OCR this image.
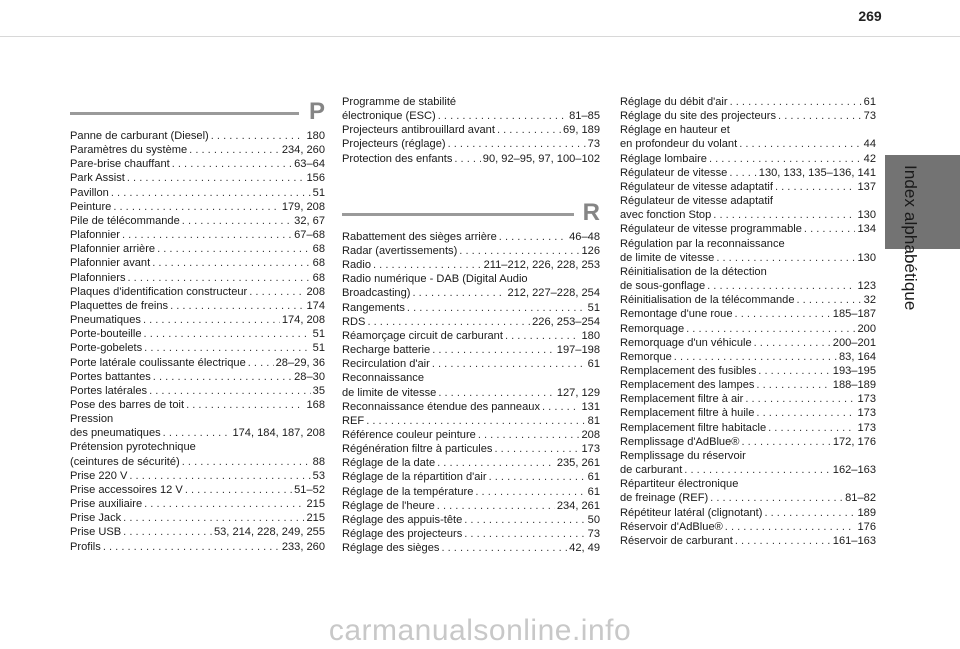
269
Index alphabétique
P
Panne de carburant (Diesel) . . .	180
Paramètres du système . . .	234, 260
Pare-brise chauffant . . .	63–64
Park Assist . . .	156
Pavillon . . .	51
Peinture . . .	179, 208
Pile de télécommande . . .	32, 67
Plafonnier . . .	67–68
Plafonnier arrière . . .	68
Plafonnier avant . . .	68
Plafonniers . . .	68
Plaques d'identification constructeur . . .	208
Plaquettes de freins . . .	174
Pneumatiques . . .	174, 208
Porte-bouteille . . .	51
Porte-gobelets . . .	51
Porte latérale coulissante électrique . . .	28–29, 36
Portes battantes . . .	28–30
Portes latérales . . .	35
Pose des barres de toit . . .	168
Pression
des pneumatiques . . .	174, 184, 187, 208
Prétension pyrotechnique
(ceintures de sécurité) . . .	88
Prise 220 V . . .	53
Prise accessoires 12 V . . .	51–52
Prise auxiliaire . . .	215
Prise Jack . . .	215
Prise USB . . .	53, 214, 228, 249, 255
Profils . . .	233, 260
Programme de stabilité
électronique (ESC) . . .	81–85
Projecteurs antibrouillard avant . . .	69, 189
Projecteurs (réglage) . . .	73
Protection des enfants . . .	90, 92–95, 97, 100–102
R
Rabattement des sièges arrière . . .	46–48
Radar (avertissements) . . .	126
Radio . . .	211–212, 226, 228, 253
Radio numérique - DAB (Digital Audio
Broadcasting) . . .	212, 227–228, 254
Rangements . . .	51
RDS . . .	226, 253–254
Réamorçage circuit de carburant . . .	180
Recharge batterie . . .	197–198
Recirculation d'air . . .	61
Reconnaissance
de limite de vitesse . . .	127, 129
Reconnaissance étendue des panneaux . . .	131
REF . . .	81
Référence couleur peinture . . .	208
Régénération filtre à particules . . .	173
Réglage de la date . . .	235, 261
Réglage de la répartition d'air . . .	61
Réglage de la température . . .	61
Réglage de l'heure . . .	234, 261
Réglage des appuis-tête . . .	50
Réglage des projecteurs . . .	73
Réglage des sièges . . .	42, 49
Réglage du débit d'air . . .	61
Réglage du site des projecteurs . . .	73
Réglage en hauteur et
en profondeur du volant . . .	44
Réglage lombaire . . .	42
Régulateur de vitesse . . .	130, 133, 135–136, 141
Régulateur de vitesse adaptatif . . .	137
Régulateur de vitesse adaptatif
avec fonction Stop . . .	130
Régulateur de vitesse programmable . . .	134
Régulation par la reconnaissance
de limite de vitesse . . .	130
Réinitialisation de la détection
de sous-gonflage . . .	123
Réinitialisation de la télécommande . . .	32
Remontage d'une roue . . .	185–187
Remorquage . . .	200
Remorquage d'un véhicule . . .	200–201
Remorque . . .	83, 164
Remplacement des fusibles . . .	193–195
Remplacement des lampes . . .	188–189
Remplacement filtre à air . . .	173
Remplacement filtre à huile . . .	173
Remplacement filtre habitacle . . .	173
Remplissage d'AdBlue® . . .	172, 176
Remplissage du réservoir
de carburant . . .	162–163
Répartiteur électronique
de freinage (REF) . . .	81–82
Répétiteur latéral (clignotant) . . .	189
Réservoir d'AdBlue® . . .	176
Réservoir de carburant . . .	161–163
carmanualsonline.info
